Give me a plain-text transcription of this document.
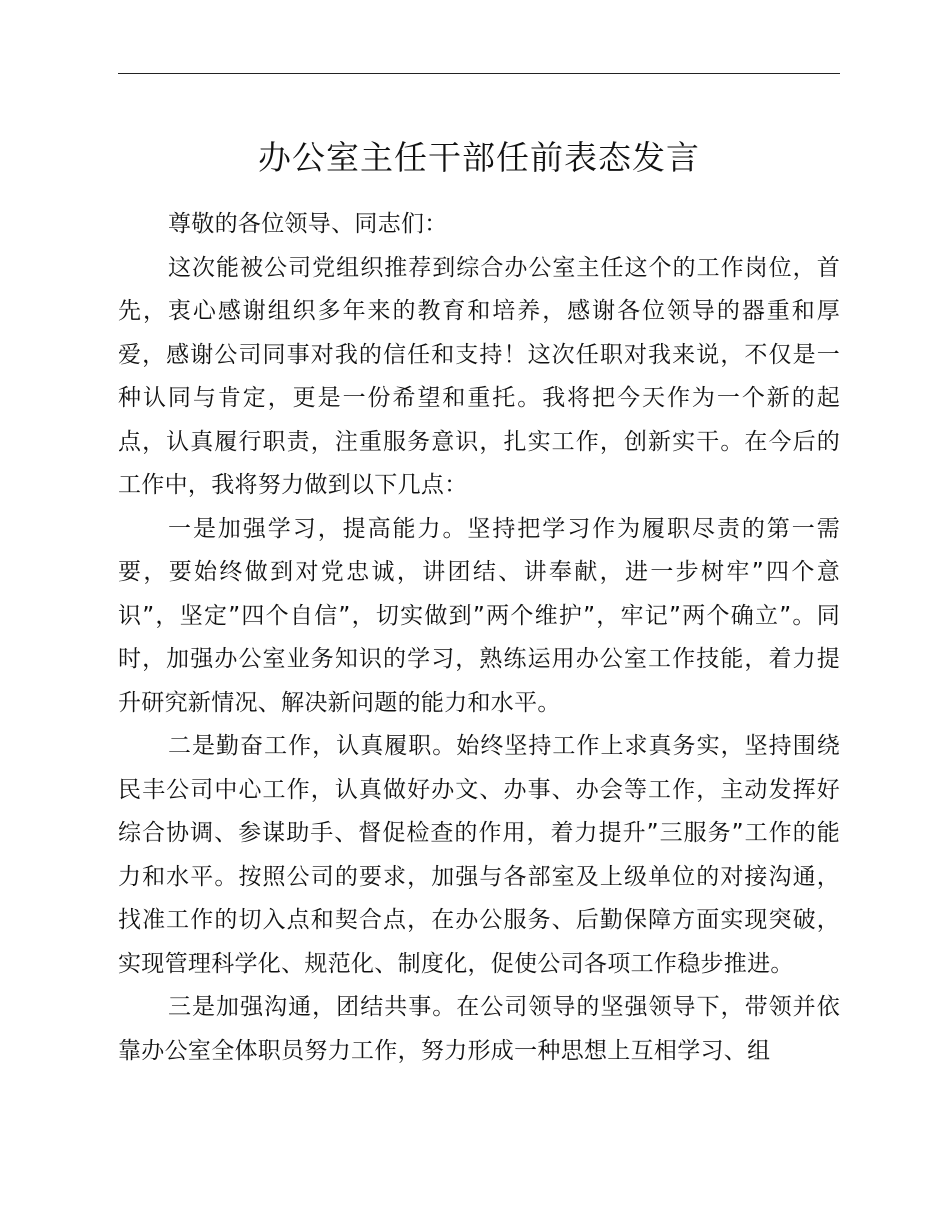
办公室主任干部任前表态发言

尊敬的各位领导、同志们：

这次能被公司党组织推荐到综合办公室主任这个的工作岗位，首先，衷心感谢组织多年来的教育和培养，感谢各位领导的器重和厚爱，感谢公司同事对我的信任和支持！这次任职对我来说，不仅是一种认同与肯定，更是一份希望和重托。我将把今天作为一个新的起点，认真履行职责，注重服务意识，扎实工作，创新实干。在今后的工作中，我将努力做到以下几点：

一是加强学习，提高能力。坚持把学习作为履职尽责的第一需要，要始终做到对党忠诚，讲团结、讲奉献，进一步树牢”四个意识”，坚定”四个自信”，切实做到”两个维护”，牢记”两个确立”。同时，加强办公室业务知识的学习，熟练运用办公室工作技能，着力提升研究新情况、解决新问题的能力和水平。

二是勤奋工作，认真履职。始终坚持工作上求真务实，坚持围绕民丰公司中心工作，认真做好办文、办事、办会等工作，主动发挥好综合协调、参谋助手、督促检查的作用，着力提升”三服务”工作的能力和水平。按照公司的要求，加强与各部室及上级单位的对接沟通，找准工作的切入点和契合点，在办公服务、后勤保障方面实现突破，实现管理科学化、规范化、制度化，促使公司各项工作稳步推进。

三是加强沟通，团结共事。在公司领导的坚强领导下，带领并依靠办公室全体职员努力工作，努力形成一种思想上互相学习、组
